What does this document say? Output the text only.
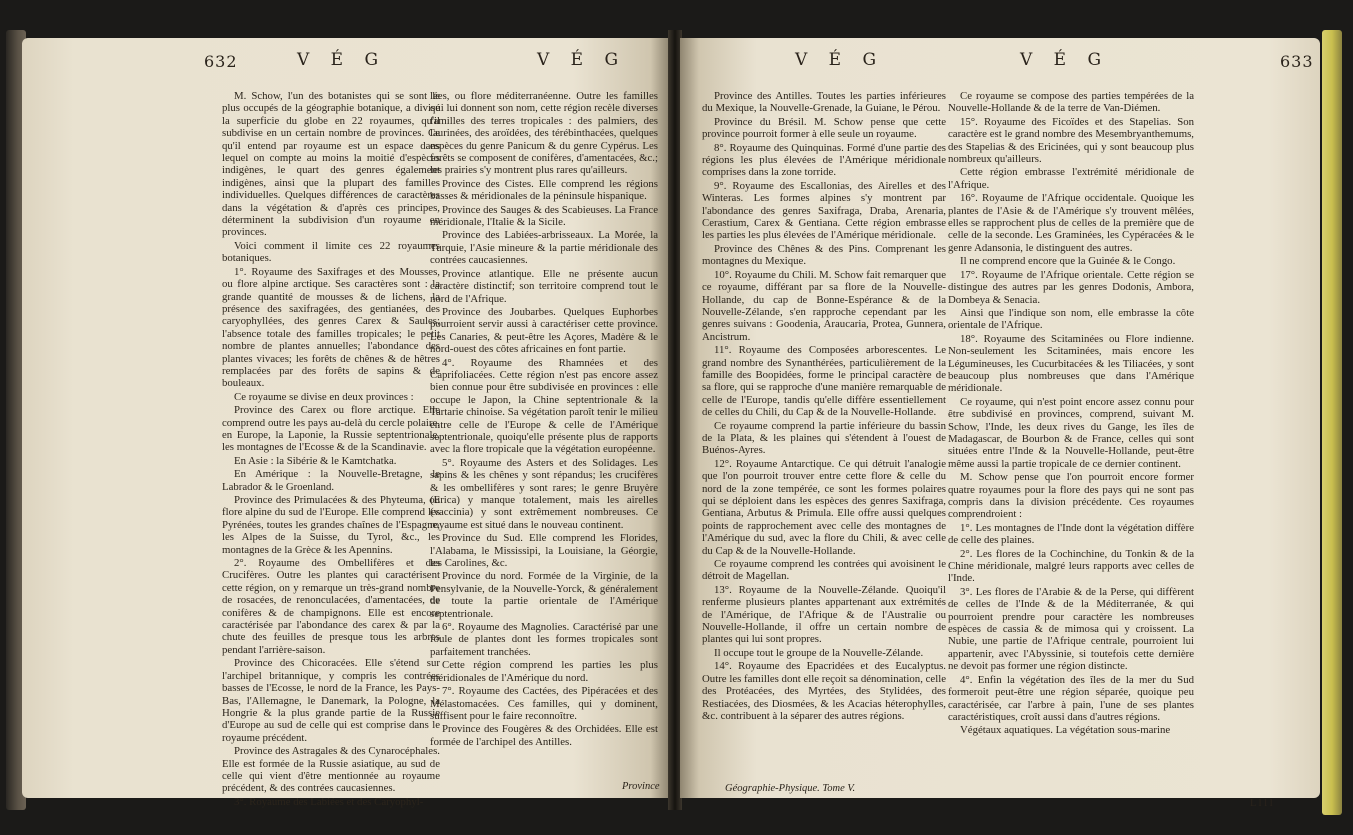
632	V É G	V É G

M. Schow, l'un des botanistes qui se sont le plus occupés de la géographie botanique, a divisé la superficie du globe en 22 royaumes, qu'il subdivise en un certain nombre de provinces. Ce qu'il entend par royaume est un espace dans lequel on compte au moins la moitié d'espèces indigènes, le quart des genres également indigènes, ainsi que la plupart des familles individuelles. Quelques différences de caractères dans la végétation & d'après ces principes, déterminent la subdivision d'un royaume en provinces.

Voici comment il limite ces 22 royaumes botaniques.

1°. Royaume des Saxifrages et des Mousses, ou flore alpine arctique. Ses caractères sont : la grande quantité de mousses & de lichens, la présence des saxifragées, des gentianées, des caryophyllées, des genres Carex & Saules; l'absence totale des familles tropicales; le petit nombre de plantes annuelles; l'abondance des plantes vivaces; les forêts de chênes & de hêtres remplacées par des forêts de sapins & de bouleaux.

Ce royaume se divise en deux provinces :

Province des Carex ou flore arctique. Elle comprend outre les pays au-delà du cercle polaire, en Europe, la Laponie, la Russie septentrionale, les montagnes de l'Ecosse & de la Scandinavie.

En Asie : la Sibérie & le Kamtchatka.

En Amérique : la Nouvelle-Bretagne, le Labrador & le Groenland.

Province des Primulacées & des Phyteuma, ou flore alpine du sud de l'Europe. Elle comprend les Pyrénées, toutes les grandes chaînes de l'Espagne, les Alpes de la Suisse, du Tyrol, &c., les montagnes de la Grèce & les Apennins.

2°. Royaume des Ombellifères et des Crucifères. Outre les plantes qui caractérisent cette région, on y remarque un très-grand nombre de rosacées, de renonculacées, d'amentacées, de conifères & de champignons. Elle est encore caractérisée par l'abondance des carex & par la chute des feuilles de presque tous les arbres pendant l'arrière-saison.

Province des Chicoracées. Elle s'étend sur l'archipel britannique, y compris les contrées basses de l'Ecosse, le nord de la France, les Pays-Bas, l'Allemagne, le Danemark, la Pologne, la Hongrie & la plus grande partie de la Russie d'Europe au sud de celle qui est comprise dans le royaume précédent.

Province des Astragales & des Cynarocéphales. Elle est formée de la Russie asiatique, au sud de celle qui vient d'être mentionnée au royaume précédent, & des contrées caucasiennes.

3°. Royaume des Labiées et des Caryophyl-

lées, ou flore méditerranéenne. Outre les familles qui lui donnent son nom, cette région recèle diverses familles des terres tropicales : des palmiers, des laurinées, des aroïdées, des térébinthacées, quelques espèces du genre Panicum & du genre Cypérus. Les forêts se composent de conifères, d'amentacées, &c.; les prairies s'y montrent plus rares qu'ailleurs.

Province des Cistes. Elle comprend les régions basses & méridionales de la péninsule hispanique.

Province des Sauges & des Scabieuses. La France méridionale, l'Italie & la Sicile.

Province des Labiées-arbrisseaux. La Morée, la Turquie, l'Asie mineure & la partie méridionale des contrées caucasiennes.

Province atlantique. Elle ne présente aucun caractère distinctif; son territoire comprend tout le nord de l'Afrique.

Province des Joubarbes. Quelques Euphorbes pourroient servir aussi à caractériser cette province. Les Canaries, & peut-être les Açores, Madère & le nord-ouest des côtes africaines en font partie.

4°. Royaume des Rhamnées et des Caprifoliacées. Cette région n'est pas encore assez bien connue pour être subdivisée en provinces : elle occupe le Japon, la Chine septentrionale & la Tartarie chinoise. Sa végétation paroît tenir le milieu entre celle de l'Europe & celle de l'Amérique septentrionale, quoiqu'elle présente plus de rapports avec la flore tropicale que la végétation européenne.

5°. Royaume des Asters et des Solidages. Les sapins & les chênes y sont répandus; les crucifères & les ombellifères y sont rares; le genre Bruyère (Erica) y manque totalement, mais les airelles (vaccinia) y sont extrêmement nombreuses. Ce royaume est situé dans le nouveau continent.

Province du Sud. Elle comprend les Florides, l'Alabama, le Mississipi, la Louisiane, la Géorgie, les Carolines, &c.

Province du nord. Formée de la Virginie, de la Pensylvanie, de la Nouvelle-Yorck, & généralement de toute la partie orientale de l'Amérique septentrionale.

6°. Royaume des Magnolies. Caractérisé par une foule de plantes dont les formes tropicales sont parfaitement tranchées.

Cette région comprend les parties les plus méridionales de l'Amérique du nord.

7°. Royaume des Cactées, des Pipéracées et des Mélastomacées. Ces familles, qui y dominent, suffisent pour le faire reconnoître.

Province des Fougères & des Orchidées. Elle est formée de l'archipel des Antilles.

Province
V É G	V É G	633

Province des Antilles. Toutes les parties inférieures du Mexique, la Nouvelle-Grenade, la Guiane, le Pérou.

Province du Brésil. M. Schow pense que cette province pourroit former à elle seule un royaume.

8°. Royaume des Quinquinas. Formé d'une partie des régions les plus élevées de l'Amérique méridionale comprises dans la zone torride.

9°. Royaume des Escallonias, des Airelles et des Winteras. Les formes alpines s'y montrent par l'abondance des genres Saxifraga, Draba, Arenaria, Cerastium, Carex & Gentiana. Cette région embrasse les parties les plus élevées de l'Amérique méridionale.

Province des Chênes & des Pins. Comprenant les montagnes du Mexique.

10°. Royaume du Chili. M. Schow fait remarquer que ce royaume, différant par sa flore de la Nouvelle-Hollande, du cap de Bonne-Espérance & de la Nouvelle-Zélande, s'en rapproche cependant par les genres suivans : Goodenia, Araucaria, Protea, Gunnera, Ancistrum.

11°. Royaume des Composées arborescentes. Le grand nombre des Synanthérées, particulièrement de la famille des Boopidées, forme le principal caractère de sa flore, qui se rapproche d'une manière remarquable de celle de l'Europe, tandis qu'elle diffère essentiellement de celles du Chili, du Cap & de la Nouvelle-Hollande.

Ce royaume comprend la partie inférieure du bassin de la Plata, & les plaines qui s'étendent à l'ouest de Buénos-Ayres.

12°. Royaume Antarctique. Ce qui détruit l'analogie que l'on pourroit trouver entre cette flore & celle du nord de la zone tempérée, ce sont les formes polaires qui se déploient dans les espèces des genres Saxifraga, Gentiana, Arbutus & Primula. Elle offre aussi quelques points de rapprochement avec celle des montagnes de l'Amérique du sud, avec la flore du Chili, & avec celle du Cap & de la Nouvelle-Hollande.

Ce royaume comprend les contrées qui avoisinent le détroit de Magellan.

13°. Royaume de la Nouvelle-Zélande. Quoiqu'il renferme plusieurs plantes appartenant aux extrémités de l'Amérique, de l'Afrique & de l'Australie ou Nouvelle-Hollande, il offre un certain nombre de plantes qui lui sont propres.

Il occupe tout le groupe de la Nouvelle-Zélande.

14°. Royaume des Epacridées et des Eucalyptus. Outre les familles dont elle reçoit sa dénomination, celle des Protéacées, des Myrtées, des Stylidées, des Restiacées, des Diosmées, & les Acacias héterophylles, &c. contribuent à la séparer des autres régions.

Ce royaume se compose des parties tempérées de la Nouvelle-Hollande & de la terre de Van-Diémen.

15°. Royaume des Ficoïdes et des Stapelias. Son caractère est le grand nombre des Mesembryanthemums, des Stapelias & des Ericinées, qui y sont beaucoup plus nombreux qu'ailleurs.

Cette région embrasse l'extrémité méridionale de l'Afrique.

16°. Royaume de l'Afrique occidentale. Quoique les plantes de l'Asie & de l'Amérique s'y trouvent mêlées, elles se rapprochent plus de celles de la première que de celle de la seconde. Les Graminées, les Cypéracées & le genre Adansonia, le distinguent des autres.

Il ne comprend encore que la Guinée & le Congo.

17°. Royaume de l'Afrique orientale. Cette région se distingue des autres par les genres Dodonis, Ambora, Dombeya & Senacia.

Ainsi que l'indique son nom, elle embrasse la côte orientale de l'Afrique.

18°. Royaume des Scitaminées ou Flore indienne. Non-seulement les Scitaminées, mais encore les Légumineuses, les Cucurbitacées & les Tiliacées, y sont beaucoup plus nombreuses que dans l'Amérique méridionale.

Ce royaume, qui n'est point encore assez connu pour être subdivisé en provinces, comprend, suivant M. Schow, l'Inde, les deux rives du Gange, les îles de Madagascar, de Bourbon & de France, celles qui sont situées entre l'Inde & la Nouvelle-Hollande, peut-être même aussi la partie tropicale de ce dernier continent.

M. Schow pense que l'on pourroit encore former quatre royaumes pour la flore des pays qui ne sont pas compris dans la division précédente. Ces royaumes comprendroient :

1°. Les montagnes de l'Inde dont la végétation diffère de celle des plaines.

2°. Les flores de la Cochinchine, du Tonkin & de la Chine méridionale, malgré leurs rapports avec celles de l'Inde.

3°. Les flores de l'Arabie & de la Perse, qui diffèrent de celles de l'Inde & de la Méditerranée, & qui pourroient prendre pour caractère les nombreuses espèces de cassia & de mimosa qui y croissent. La Nubie, une partie de l'Afrique centrale, pourroient lui appartenir, avec l'Abyssinie, si toutefois cette dernière ne devoit pas former une région distincte.

4°. Enfin la végétation des îles de la mer du Sud formeroit peut-être une région séparée, quoique peu caractérisée, car l'arbre à pain, l'une de ses plantes caractéristiques, croît aussi dans d'autres régions.

Végétaux aquatiques. La végétation sous-marine

Géographie-Physique. Tome V.
L l l l
